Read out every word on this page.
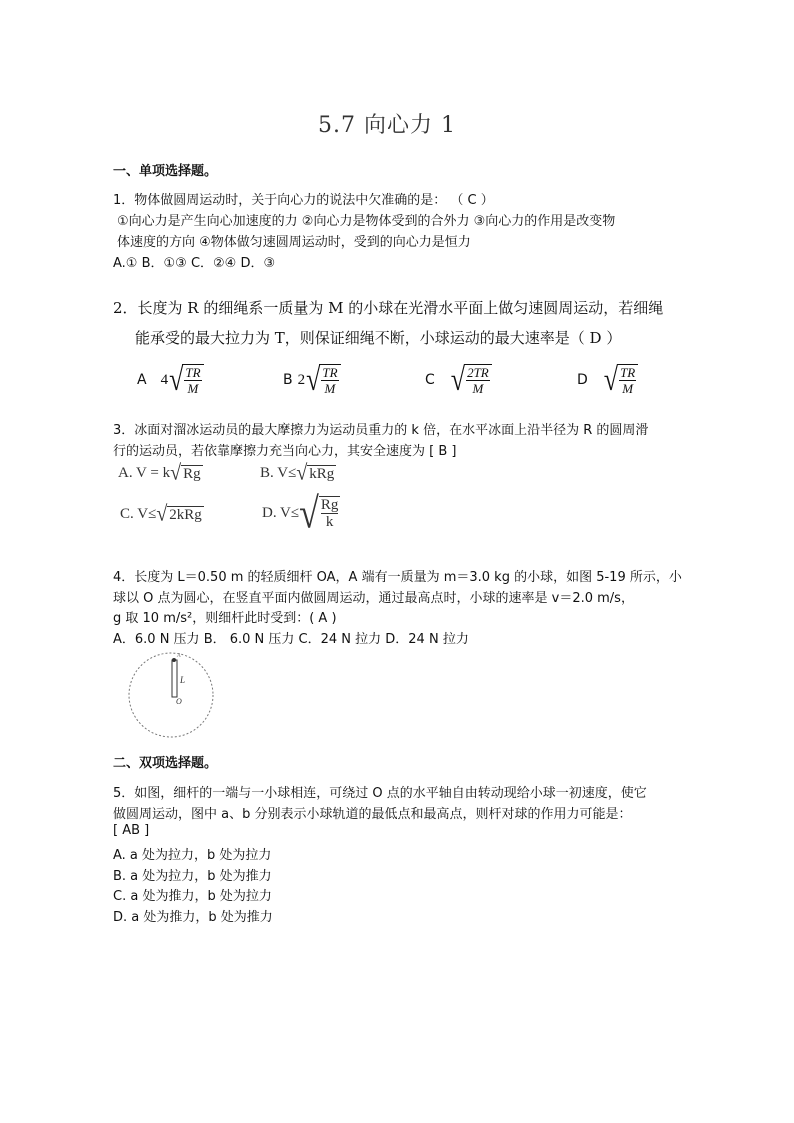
5.7 向心力 1
一、单项选择题。
1．物体做圆周运动时，关于向心力的说法中欠准确的是： （ C ）
①向心力是产生向心加速度的力 ②向心力是物体受到的合外力 ③向心力的作用是改变物
体速度的方向 ④物体做匀速圆周运动时，受到的向心力是恒力
A.① B．①③ C．②④ D．③
2．长度为 R 的细绳系一质量为 M 的小球在光滑水平面上做匀速圆周运动，若细绳
能承受的最大拉力为 T，则保证细绳不断，小球运动的最大速率是（ D ）
A 4 √ $\frac{TR}{M}$	B 2 √ $\frac{TR}{M}$	C √ $\frac{2TR}{M}$	D √ $\frac{TR}{M}$
3．冰面对溜冰运动员的最大摩擦力为运动员重力的 k 倍，在水平冰面上沿半径为 R 的圆周滑
行的运动员，若依靠摩擦力充当向心力，其安全速度为 [ B ]
A. V = k √ Rg	B. V≤ √ kRg
C. V≤ √ 2kRg	D. V≤ √ $\frac{Rg}{k}$
4．长度为 L＝0.50 m 的轻质细杆 OA，A 端有一质量为 m＝3.0 kg 的小球，如图 5-19 所示，小
球以 O 点为圆心，在竖直平面内做圆周运动，通过最高点时，小球的速率是 v＝2.0 m/s，
g 取 10 m/s²，则细杆此时受到：( A )
A．6.0 N 压力 B． 6.0 N 压力 C．24 N 拉力 D．24 N 拉力
L
O
A
二、双项选择题。
5．如图，细杆的一端与一小球相连，可绕过 O 点的水平轴自由转动现给小球一初速度，使它
做圆周运动，图中 a、b 分别表示小球轨道的最低点和最高点，则杆对球的作用力可能是：
[ AB ]
A. a 处为拉力，b 处为拉力
B. a 处为拉力，b 处为推力
C. a 处为推力，b 处为拉力
D. a 处为推力，b 处为推力
